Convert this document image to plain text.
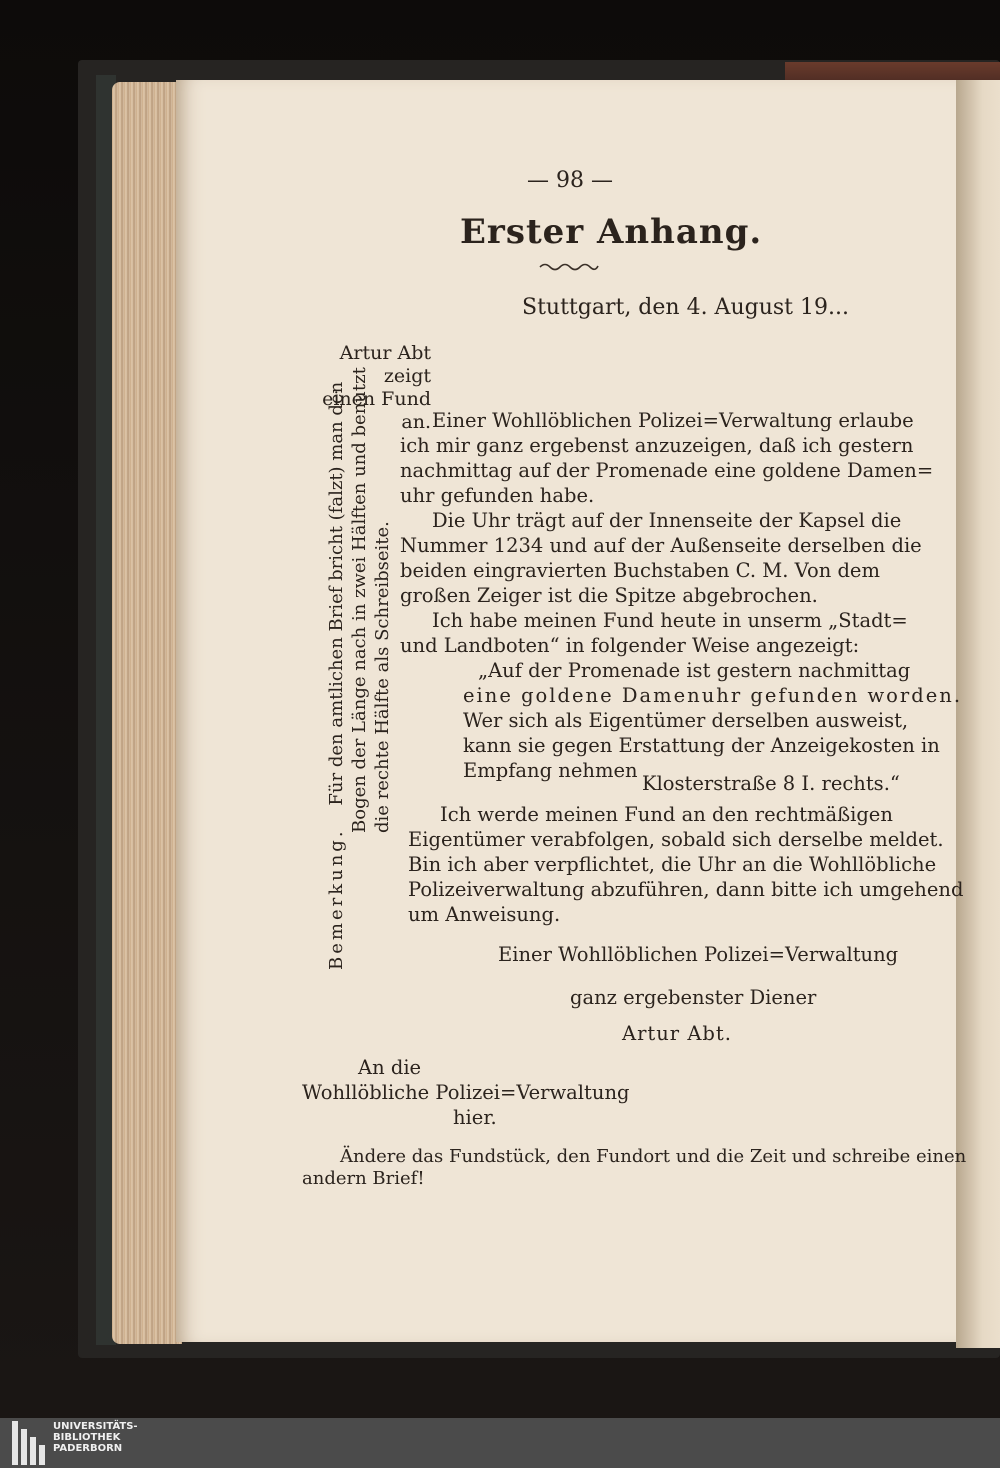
— 98 —
Erster Anhang.
Stuttgart, den 4. August 19...
Artur Abt zeigt
einen Fund an.
Bemerkung.    Für den amtlichen Brief bricht (falzt) man den Bogen der Länge nach in zwei Hälften und benutzt die rechte Hälfte als Schreibseite.
Einer Wohllöblichen Polizei=Verwaltung erlaube
ich mir ganz ergebenst anzuzeigen, daß ich gestern
nachmittag auf der Promenade eine goldene Damen=
uhr gefunden habe.
Die Uhr trägt auf der Innenseite der Kapsel die
Nummer 1234 und auf der Außenseite derselben die
beiden eingravierten Buchstaben C. M. Von dem
großen Zeiger ist die Spitze abgebrochen.
Ich habe meinen Fund heute in unserm „Stadt=
und Landboten“ in folgender Weise angezeigt:
„Auf der Promenade ist gestern nachmittag
eine goldene Damenuhr gefunden worden.
Wer sich als Eigentümer derselben ausweist,
kann sie gegen Erstattung der Anzeigekosten in
Empfang nehmen
Klosterstraße 8 I. rechts.“
Ich werde meinen Fund an den rechtmäßigen
Eigentümer verabfolgen, sobald sich derselbe meldet.
Bin ich aber verpflichtet, die Uhr an die Wohllöbliche
Polizeiverwaltung abzuführen, dann bitte ich umgehend
um Anweisung.
Einer Wohllöblichen Polizei=Verwaltung
ganz ergebenster Diener
Artur Abt.
An die
Wohllöbliche Polizei=Verwaltung
hier.
Ändere das Fundstück, den Fundort und die Zeit und schreibe einen
andern Brief!
UNIVERSITÄTS-
BIBLIOTHEK
PADERBORN
